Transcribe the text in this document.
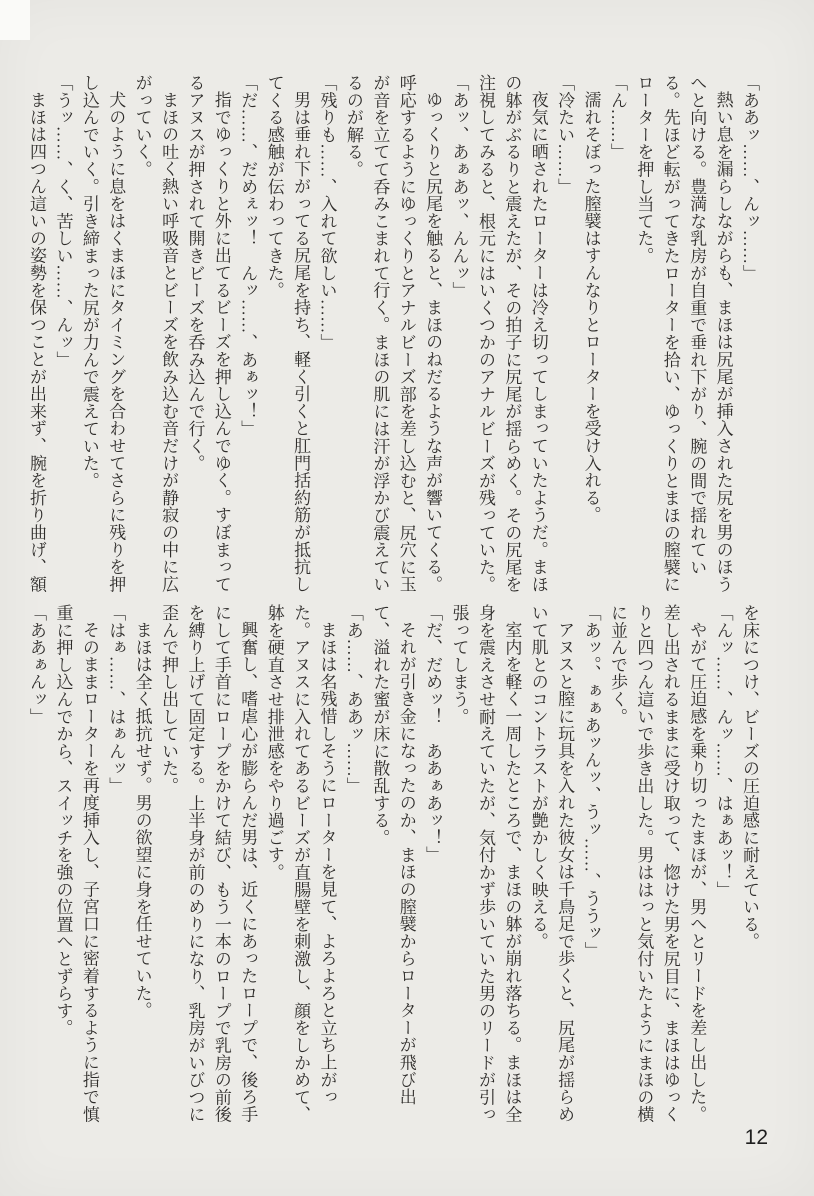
「ああッ……、んッ……」

熱い息を漏らしながらも、まほは尻尾が挿入された尻を男のほうへと向ける。豊満な乳房が自重で垂れ下がり、腕の間で揺れている。先ほど転がってきたローターを拾い、ゆっくりとまほの膣襞にローターを押し当てた。

「ん……」

濡れそぼった膣襞はすんなりとローターを受け入れる。

「冷たい……」

夜気に晒されたローターは冷え切ってしまっていたようだ。まほの躰がぶるりと震えたが、その拍子に尻尾が揺らめく。その尻尾を注視してみると、根元にはいくつかのアナルビーズが残っていた。

「あッ、あぁあッ、んんッ」

ゆっくりと尻尾を触ると、まほのねだるような声が響いてくる。呼応するようにゆっくりとアナルビーズ部を差し込むと、尻穴に玉が音を立てて呑みこまれて行く。まほの肌には汗が浮かび震えているのが解る。

「残りも……、入れて欲しい……」

男は垂れ下がってる尻尾を持ち、軽く引くと肛門括約筋が抵抗してくる感触が伝わってきた。

「だ……、だめぇッ！　んッ……、あぁッ！」

指でゆっくりと外に出てるビーズを押し込んでゆく。すぼまってるアヌスが押されて開きビーズを呑み込んで行く。

まほの吐く熱い呼吸音とビーズを飲み込む音だけが静寂の中に広がっていく。

犬のように息をはくまほにタイミングを合わせてさらに残りを押し込んでいく。引き締まった尻が力んで震えていた。

「うッ……、く、苦しい……、んッ」

まほは四つん這いの姿勢を保つことが出来ず、腕を折り曲げ、額

を床につけ、ビーズの圧迫感に耐えている。

「んッ……、んッ……、はぁあッ！」

やがて圧迫感を乗り切ったまほが、男へとリードを差し出した。差し出されるままに受け取って、惚けた男を尻目に、まほはゆっくりと四つん這いで歩き出した。男ははっと気付いたようにまほの横に並んで歩く。

「あッ。、ぁぁあッんッ、うッ……、ううッ」

アヌスと膣に玩具を入れた彼女は千鳥足で歩くと、尻尾が揺らめいて肌とのコントラストが艶かしく映える。

室内を軽く一周したところで、まほの躰が崩れ落ちる。まほは全身を震えさせ耐えていたが、気付かず歩いていた男のリードが引っ張ってしまう。

「だ、だめッ！　ああぁあッ！」

それが引き金になったのか、まほの膣襞からローターが飛び出て、溢れた蜜が床に散乱する。

「あ……、ああッ……」

まほは名残惜しそうにローターを見て、よろよろと立ち上がった。アヌスに入れてあるビーズが直腸壁を刺激し、顔をしかめて、躰を硬直させ排泄感をやり過ごす。

興奮し、嗜虐心が膨らんだ男は、近くにあったロープで、後ろ手にして手首にロープをかけて結び、もう一本のロープで乳房の前後を縛り上げて固定する。上半身が前のめりになり、乳房がいびつに歪んで押し出していた。

まほは全く抵抗せず。男の欲望に身を任せていた。

「はぁ……、はぁんッ」

そのままローターを再度挿入し、子宮口に密着するように指で慎重に押し込んでから、スイッチを強の位置へとずらす。

「ああぁんッ」

12
